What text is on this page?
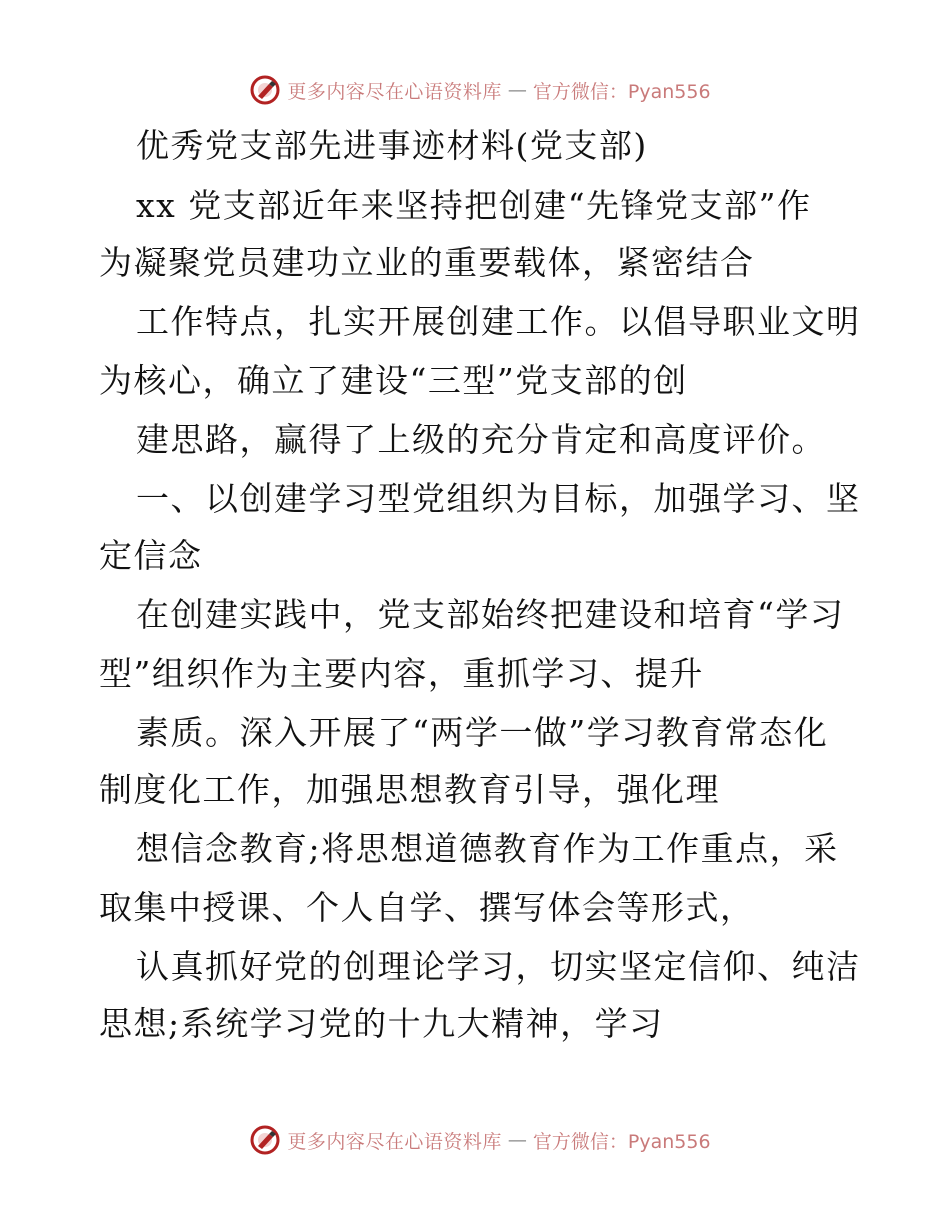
更多内容尽在心语资料库 — 官方微信：Pyan556
优秀党支部先进事迹材料(党支部)
xx 党支部近年来坚持把创建“先锋党支部”作
为凝聚党员建功立业的重要载体，紧密结合
工作特点，扎实开展创建工作。以倡导职业文明
为核心，确立了建设“三型”党支部的创
建思路，赢得了上级的充分肯定和高度评价。
一、以创建学习型党组织为目标，加强学习、坚
定信念
在创建实践中，党支部始终把建设和培育“学习
型”组织作为主要内容，重抓学习、提升
素质。深入开展了“两学一做”学习教育常态化
制度化工作，加强思想教育引导，强化理
想信念教育;将思想道德教育作为工作重点，采
取集中授课、个人自学、撰写体会等形式，
认真抓好党的创理论学习，切实坚定信仰、纯洁
思想;系统学习党的十九大精神，学习
更多内容尽在心语资料库 — 官方微信：Pyan556
